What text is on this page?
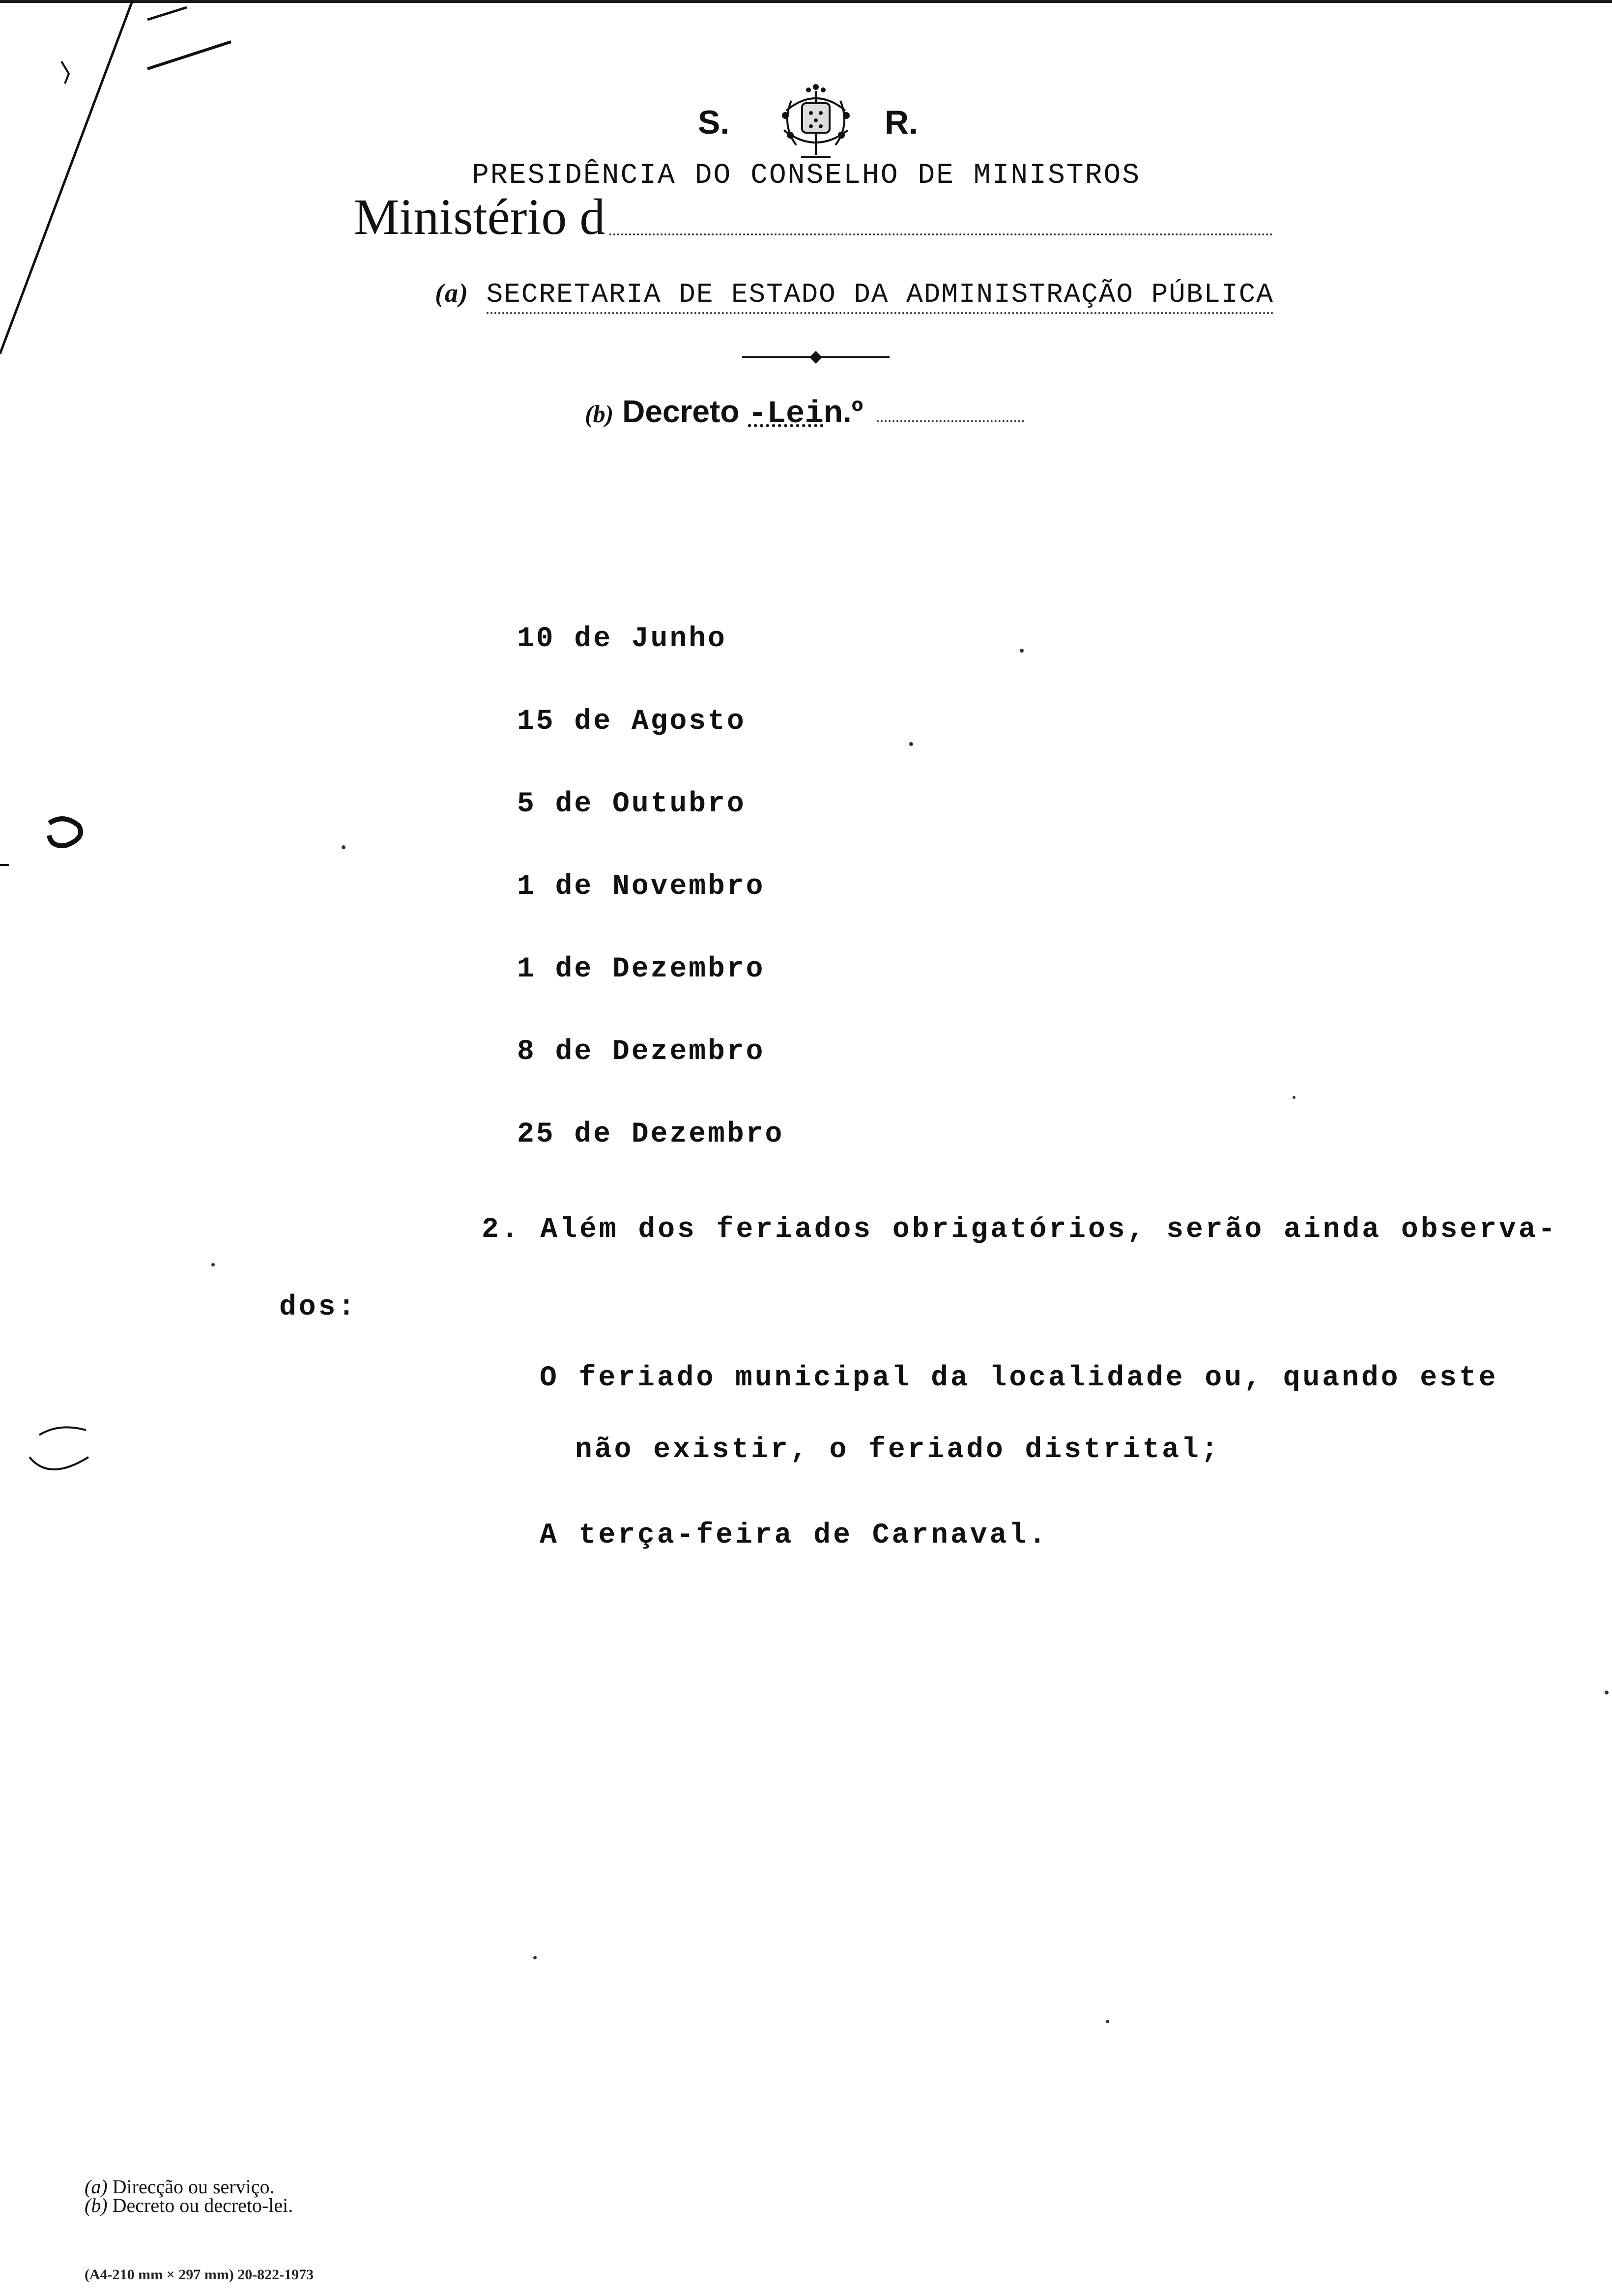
S.	R.
PRESIDÊNCIA DO CONSELHO DE MINISTROS
Ministério d
(a) SECRETARIA DE ESTADO DA ADMINISTRAÇÃO PÚBLICA
(b) Decreto -Lein.º
10 de Junho
15 de Agosto
5 de Outubro
1 de Novembro
1 de Dezembro
8 de Dezembro
25 de Dezembro
2. Além dos feriados obrigatórios, serão ainda observa-
dos:
O feriado municipal da localidade ou, quando este
não existir, o feriado distrital;
A terça-feira de Carnaval.
(a) Direcção ou serviço.
(b) Decreto ou decreto-lei.
(A4-210 mm × 297 mm) 20-822-1973
